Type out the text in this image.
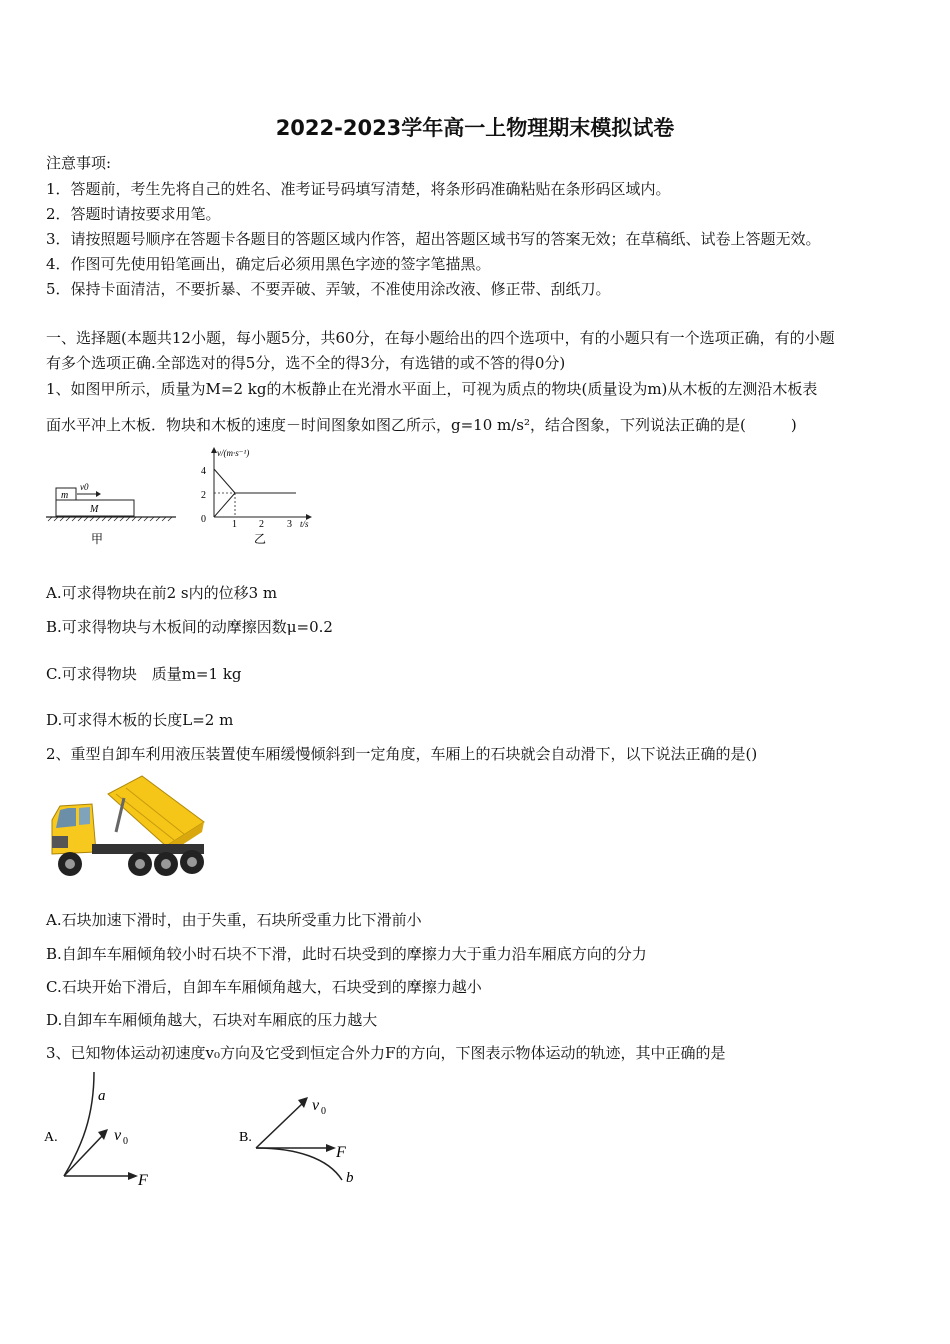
2022-2023学年高一上物理期末模拟试卷
注意事项:
1．答题前，考生先将自己的姓名、准考证号码填写清楚，将条形码准确粘贴在条形码区域内。
2．答题时请按要求用笔。
3．请按照题号顺序在答题卡各题目的答题区域内作答，超出答题区域书写的答案无效；在草稿纸、试卷上答题无效。
4．作图可先使用铅笔画出，确定后必须用黑色字迹的签字笔描黑。
5．保持卡面清洁，不要折暴、不要弄破、弄皱，不准使用涂改液、修正带、刮纸刀。
一、选择题(本题共12小题，每小题5分，共60分，在每小题给出的四个选项中，有的小题只有一个选项正确，有的小题
有多个选项正确.全部选对的得5分，选不全的得3分，有选错的或不答的得0分)
1、如图甲所示，质量为M=2 kg的木板静止在光滑水平面上，可视为质点的物块(质量设为m)从木板的左测沿木板表
面水平冲上木板．物块和木板的速度－时间图象如图乙所示，g=10 m/s²，结合图象，下列说法正确的是(　　　)
m
v0
M
甲
v/(m·s⁻¹)
4
2
0	1 2 3 t/s
乙
A.可求得物块在前2 s内的位移3 m
B.可求得物块与木板间的动摩擦因数μ=0.2
C.可求得物块　质量m=1 kg
D.可求得木板的长度L=2 m
2、重型自卸车利用液压装置使车厢缓慢倾斜到一定角度，车厢上的石块就会自动滑下，以下说法正确的是()
A.石块加速下滑时，由于失重，石块所受重力比下滑前小
B.自卸车车厢倾角较小时石块不下滑，此时石块受到的摩擦力大于重力沿车厢底方向的分力
C.石块开始下滑后，自卸车车厢倾角越大，石块受到的摩擦力越小
D.自卸车车厢倾角越大，石块对车厢底的压力越大
3、已知物体运动初速度v₀方向及它受到恒定合外力F的方向，下图表示物体运动的轨迹，其中正确的是
A.
a
v 0
F
B.
v 0
F
b
